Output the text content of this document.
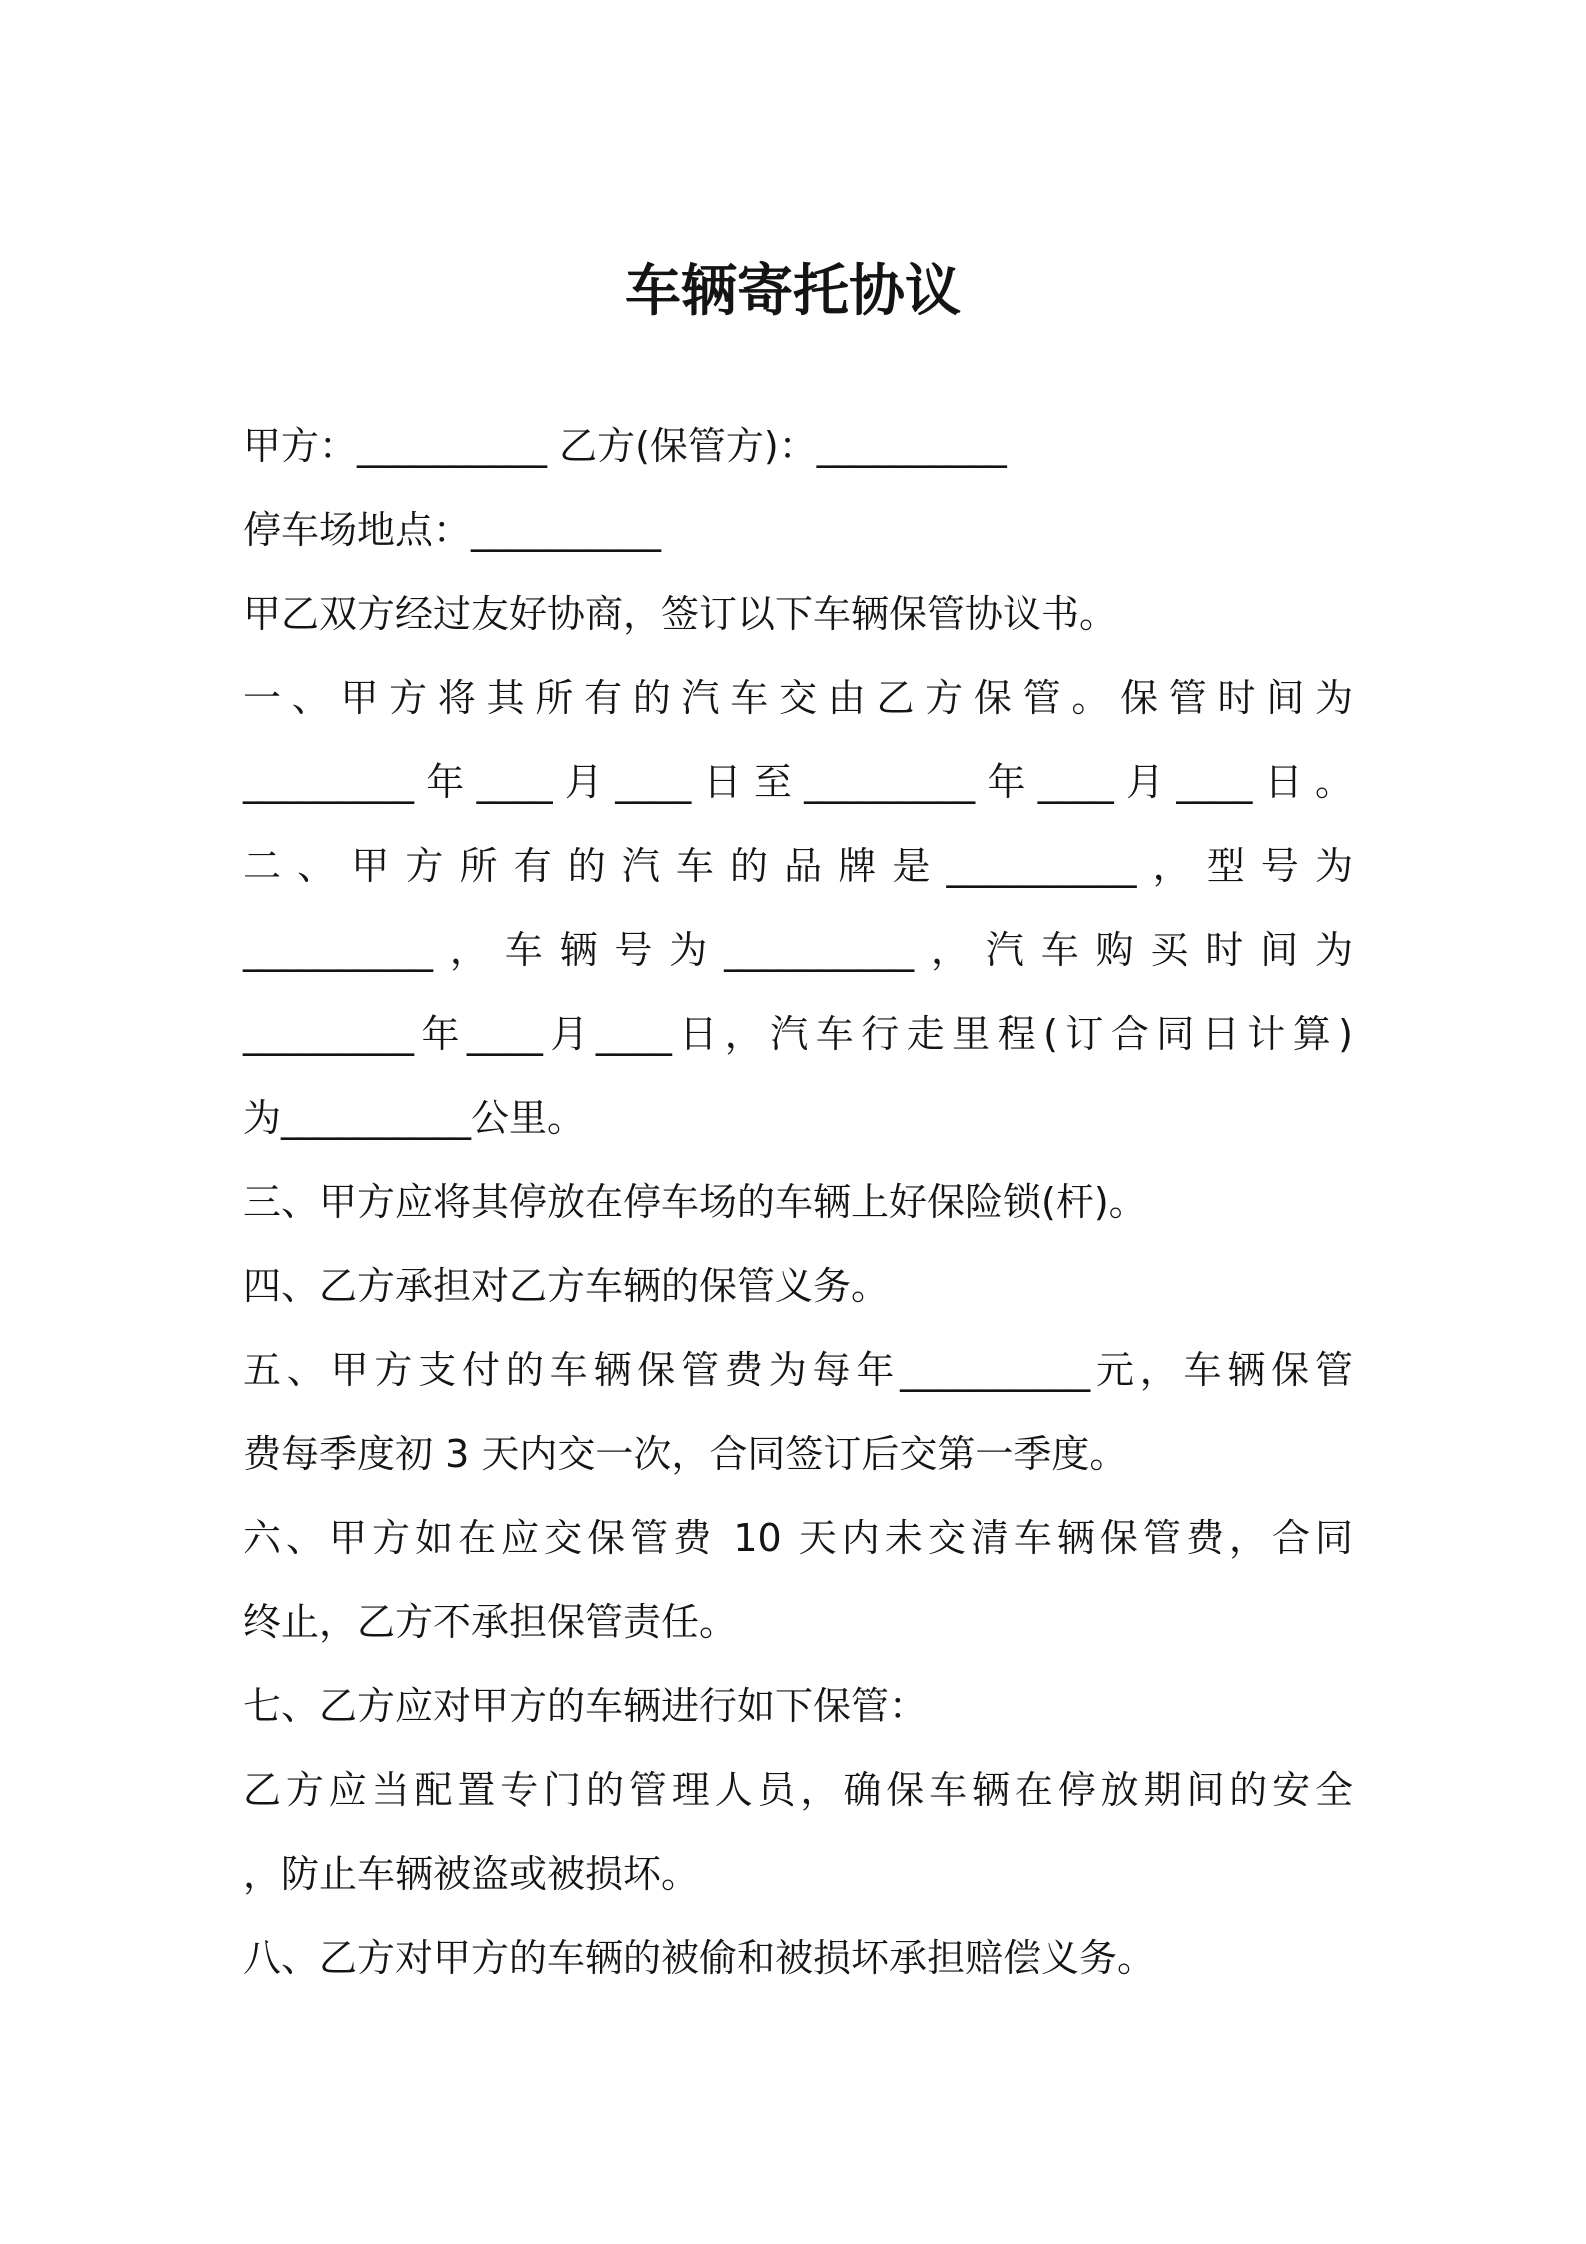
车辆寄托协议

甲方：__________ 乙方(保管方)：__________

停车场地点：__________

甲乙双方经过友好协商，签订以下车辆保管协议书。

一、甲方将其所有的汽车交由乙方保管。保管时间为

_________年____月____日至_________年____月____日。

二、甲方所有的汽车的品牌是__________，型号为

__________，车辆号为__________，汽车购买时间为

_________年____月____日，汽车行走里程(订合同日计算)

为__________公里。

三、甲方应将其停放在停车场的车辆上好保险锁(杆)。

四、乙方承担对乙方车辆的保管义务。

五、甲方支付的车辆保管费为每年__________元，车辆保管

费每季度初 3 天内交一次，合同签订后交第一季度。

六、甲方如在应交保管费 10 天内未交清车辆保管费，合同

终止，乙方不承担保管责任。

七、乙方应对甲方的车辆进行如下保管：

乙方应当配置专门的管理人员，确保车辆在停放期间的安全

，防止车辆被盗或被损坏。

八、乙方对甲方的车辆的被偷和被损坏承担赔偿义务。
